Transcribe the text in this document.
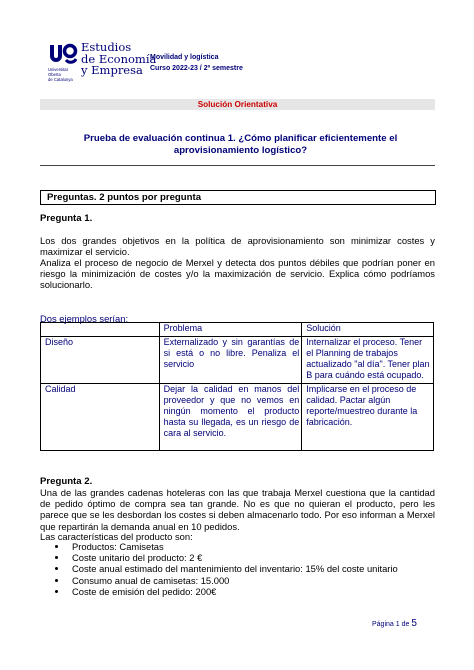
Universitat
Oberta
de Catalunya
Estudios
de Economía
y Empresa
Movilidad y logística
Curso 2022-23 / 2º semestre
Solución Orientativa
Prueba de evaluación continua 1. ¿Cómo planificar eficientemente el aprovisionamiento logístico?
Preguntas. 2 puntos por pregunta
Pregunta 1.
Los dos grandes objetivos en la política de aprovisionamiento son minimizar costes y maximizar el servicio.
Analiza el proceso de negocio de Merxel y detecta dos puntos débiles que podrían poner en riesgo la minimización de costes y/o la maximización de servicio. Explica cómo podríamos solucionarlo.
Dos ejemplos serían:
	Problema	Solución
Diseño	Externalizado y sin garantías de si está o no libre. Penaliza el servicio	Internalizar el proceso. Tener el Planning de trabajos actualizado "al día". Tener plan B para cuándo está ocupado.
Calidad	Dejar la calidad en manos del proveedor y que no vemos en ningún momento el producto hasta su llegada, es un riesgo de cara al servicio.	Implicarse en el proceso de calidad. Pactar algún reporte/muestreo durante la fabricación.
Pregunta 2.
Una de las grandes cadenas hoteleras con las que trabaja Merxel cuestiona que la cantidad de pedido óptimo de compra sea tan grande. No es que no quieran el producto, pero les parece que se les desbordan los costes si deben almacenarlo todo. Por eso informan a Merxel que repartirán la demanda anual en 10 pedidos.
Las características del producto son:
• Productos: Camisetas
• Coste unitario del producto: 2 €
• Coste anual estimado del mantenimiento del inventario: 15% del coste unitario
• Consumo anual de camisetas: 15.000
• Coste de emisión del pedido: 200€
Página 1 de 5
